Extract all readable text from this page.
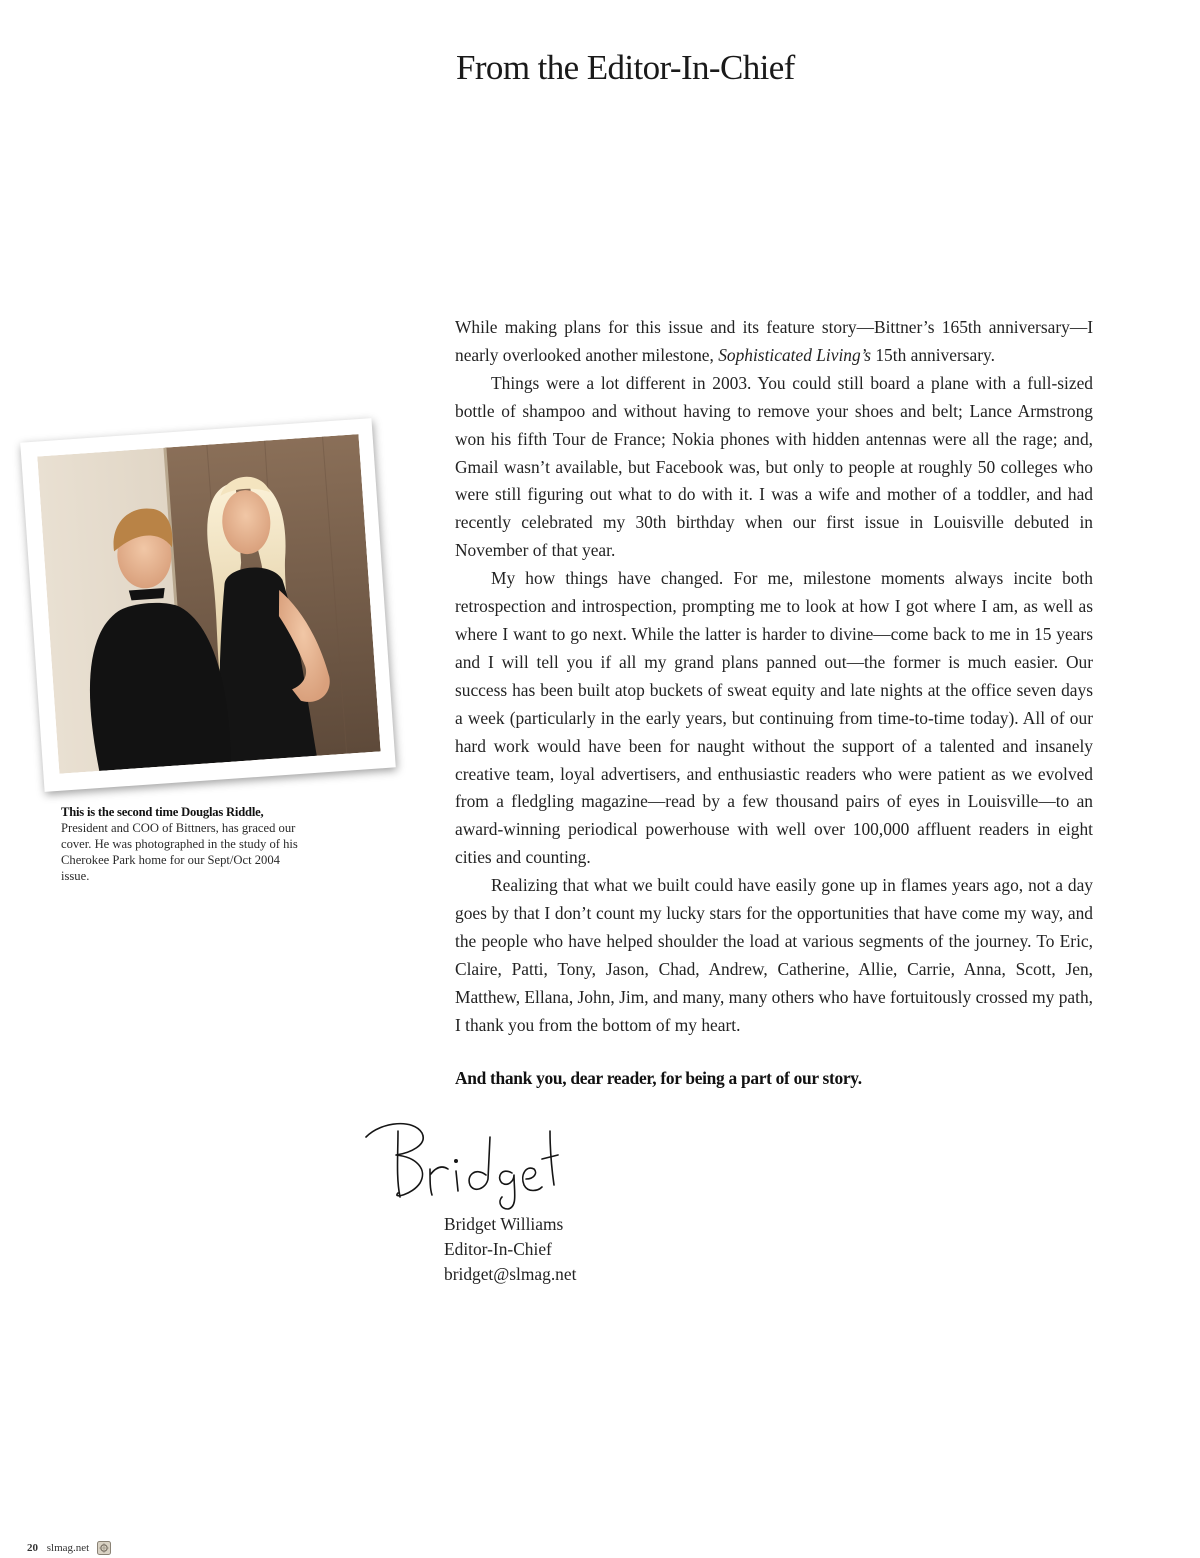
From the Editor-In-Chief
This is the second time Douglas Riddle, President and COO of Bittners, has graced our cover. He was photographed in the study of his Cherokee Park home for our Sept/Oct 2004 issue.

While making plans for this issue and its feature story—Bittner’s 165th anniversary—I nearly overlooked another milestone, Sophisticated Living’s 15th anniversary.

Things were a lot different in 2003. You could still board a plane with a full-sized bottle of shampoo and without having to remove your shoes and belt; Lance Armstrong won his fifth Tour de France; Nokia phones with hidden antennas were all the rage; and, Gmail wasn’t available, but Facebook was, but only to people at roughly 50 colleges who were still figuring out what to do with it. I was a wife and mother of a toddler, and had recently celebrated my 30th birthday when our first issue in Louisville debuted in November of that year.

My how things have changed. For me, milestone moments always incite both retrospection and introspection, prompting me to look at how I got where I am, as well as where I want to go next. While the latter is harder to divine—come back to me in 15 years and I will tell you if all my grand plans panned out—the former is much easier. Our success has been built atop buckets of sweat equity and late nights at the office seven days a week (particularly in the early years, but continuing from time-to-time today). All of our hard work would have been for naught without the support of a talented and insanely creative team, loyal advertisers, and enthusiastic readers who were patient as we evolved from a fledgling magazine—read by a few thousand pairs of eyes in Louisville—to an award-winning periodical powerhouse with well over 100,000 affluent readers in eight cities and counting.

Realizing that what we built could have easily gone up in flames years ago, not a day goes by that I don’t count my lucky stars for the opportunities that have come my way, and the people who have helped shoulder the load at various segments of the journey. To Eric, Claire, Patti, Tony, Jason, Chad, Andrew, Catherine, Allie, Carrie, Anna, Scott, Jen, Matthew, Ellana, John, Jim, and many, many others who have fortuitously crossed my path, I thank you from the bottom of my heart.

And thank you, dear reader, for being a part of our story.

Bridget Williams
Editor-In-Chief
bridget@slmag.net
20 slmag.net
